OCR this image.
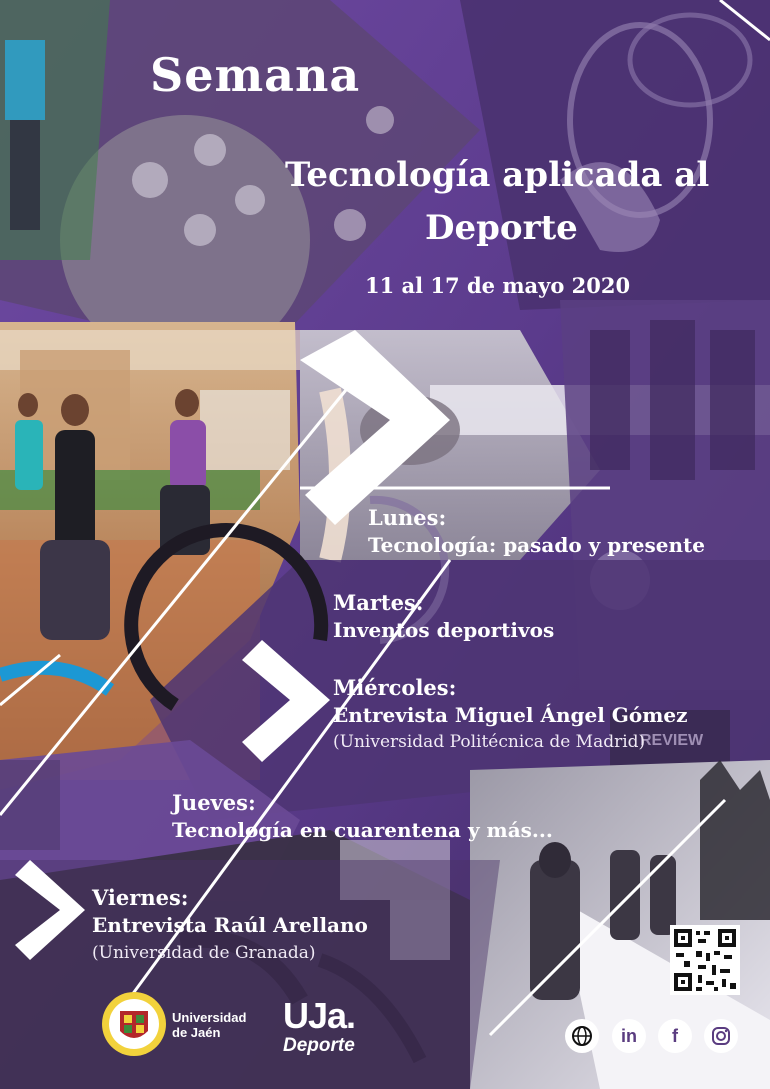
REVIEW
Semana
Tecnología aplicada al
Deporte
11 al 17 de mayo 2020
Lunes:
Tecnología: pasado y presente
Martes:
Inventos deportivos
Miércoles:
Entrevista Miguel Ángel Gómez
(Universidad Politécnica de Madrid)
Jueves:
Tecnología en cuarentena y más...
Viernes:
Entrevista Raúl Arellano
(Universidad de Granada)
Universidad
de Jaén UJa.
Deporte	in	f
